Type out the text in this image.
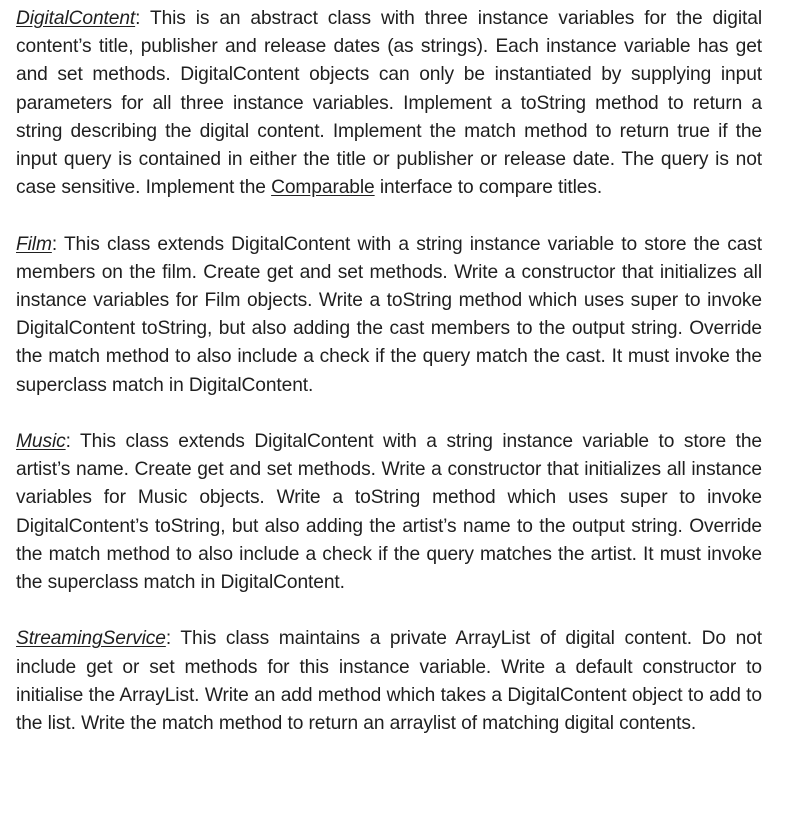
DigitalContent: This is an abstract class with three instance variables for the digital content’s title, publisher and release dates (as strings). Each instance variable has get and set methods. DigitalContent objects can only be instantiated by supplying input parameters for all three instance variables. Implement a toString method to return a string describing the digital content. Implement the match method to return true if the input query is contained in either the title or publisher or release date. The query is not case sensitive. Implement the Comparable interface to compare titles.

Film: This class extends DigitalContent with a string instance variable to store the cast members on the film. Create get and set methods. Write a constructor that initializes all instance variables for Film objects. Write a toString method which uses super to invoke DigitalContent toString, but also adding the cast members to the output string. Override the match method to also include a check if the query match the cast. It must invoke the superclass match in DigitalContent.

Music: This class extends DigitalContent with a string instance variable to store the artist’s name. Create get and set methods. Write a constructor that initializes all instance variables for Music objects. Write a toString method which uses super to invoke DigitalContent’s toString, but also adding the artist’s name to the output string. Override the match method to also include a check if the query matches the artist. It must invoke the superclass match in DigitalContent.

StreamingService: This class maintains a private ArrayList of digital content. Do not include get or set methods for this instance variable. Write a default constructor to initialise the ArrayList. Write an add method which takes a DigitalContent object to add to the list. Write the match method to return an arraylist of matching digital contents.
